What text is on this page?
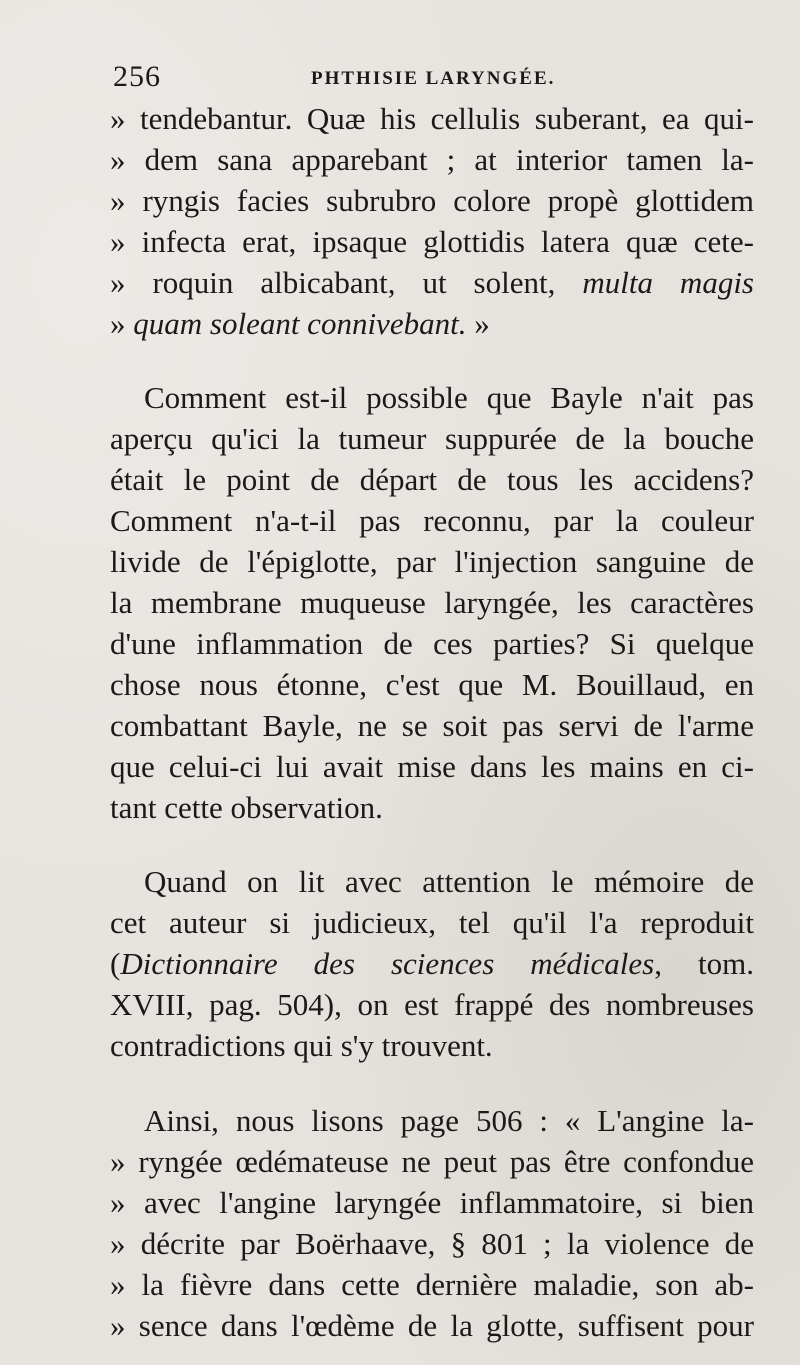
256	PHTHISIE LARYNGÉE.
» tendebantur. Quæ his cellulis suberant, ea qui-
» dem sana apparebant ; at interior tamen la-
» ryngis facies subrubro colore propè glottidem
» infecta erat, ipsaque glottidis latera quæ cete-
» roquin albicabant, ut solent, multa magis
» quam soleant connivebant. »
Comment est-il possible que Bayle n'ait pas
aperçu qu'ici la tumeur suppurée de la bouche
était le point de départ de tous les accidens?
Comment n'a-t-il pas reconnu, par la couleur
livide de l'épiglotte, par l'injection sanguine de
la membrane muqueuse laryngée, les caractères
d'une inflammation de ces parties? Si quelque
chose nous étonne, c'est que M. Bouillaud, en
combattant Bayle, ne se soit pas servi de l'arme
que celui-ci lui avait mise dans les mains en ci-
tant cette observation.
Quand on lit avec attention le mémoire de
cet auteur si judicieux, tel qu'il l'a reproduit
(Dictionnaire des sciences médicales, tom.
XVIII, pag. 504), on est frappé des nombreuses
contradictions qui s'y trouvent.
Ainsi, nous lisons page 506 : « L'angine la-
» ryngée œdémateuse ne peut pas être confondue
» avec l'angine laryngée inflammatoire, si bien
» décrite par Boërhaave, § 801 ; la violence de
» la fièvre dans cette dernière maladie, son ab-
» sence dans l'œdème de la glotte, suffisent pour
